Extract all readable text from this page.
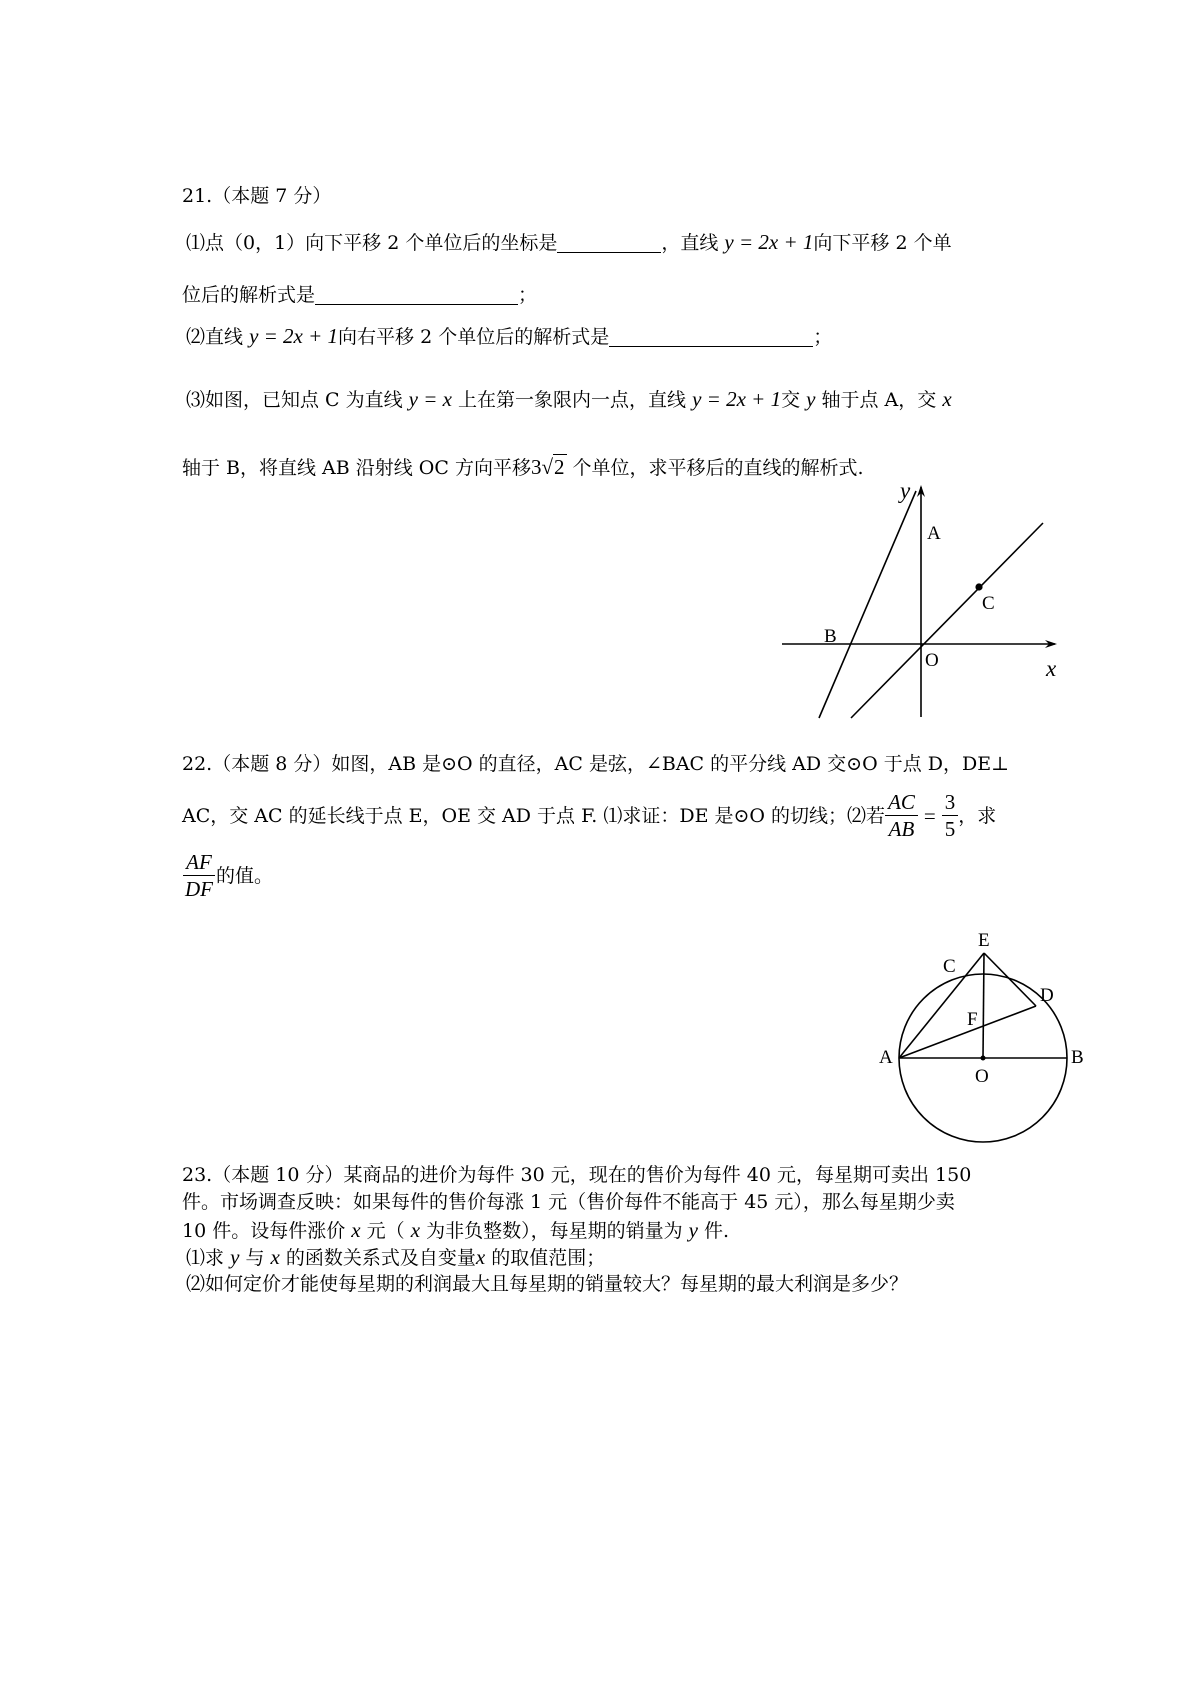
21.（本题 7 分）
⑴点（0，1）向下平移 2 个单位后的坐标是	，直线 y = 2x + 1向下平移 2 个单
位后的解析式是	；
⑵直线 y = 2x + 1向右平移 2 个单位后的解析式是	；
⑶如图，已知点 C 为直线 y = x 上在第一象限内一点，直线 y = 2x + 1交 y 轴于点 A，交 x
轴于 B，将直线 AB 沿射线 OC 方向平移3√2 个单位，求平移后的直线的解析式.
y
x
A
B
C
O
22.（本题 8 分）如图，AB 是⊙O 的直径，AC 是弦，∠BAC 的平分线 AD 交⊙O 于点 D，DE⊥
AC，交 AC 的延长线于点 E，OE 交 AD 于点 F. ⑴求证：DE 是⊙O 的切线；⑵若 $\frac{AC}{AB} = \frac{3}{5}$ ，求
$\frac{AF}{DF}$ 的值。
E
C
D
F
A
O
B
23.（本题 10 分）某商品的进价为每件 30 元，现在的售价为每件 40 元，每星期可卖出 150
件。市场调查反映：如果每件的售价每涨 1 元（售价每件不能高于 45 元），那么每星期少卖
10 件。设每件涨价 x 元（ x 为非负整数），每星期的销量为 y 件.
⑴求 y 与 x 的函数关系式及自变量x 的取值范围；
⑵如何定价才能使每星期的利润最大且每星期的销量较大？每星期的最大利润是多少？
